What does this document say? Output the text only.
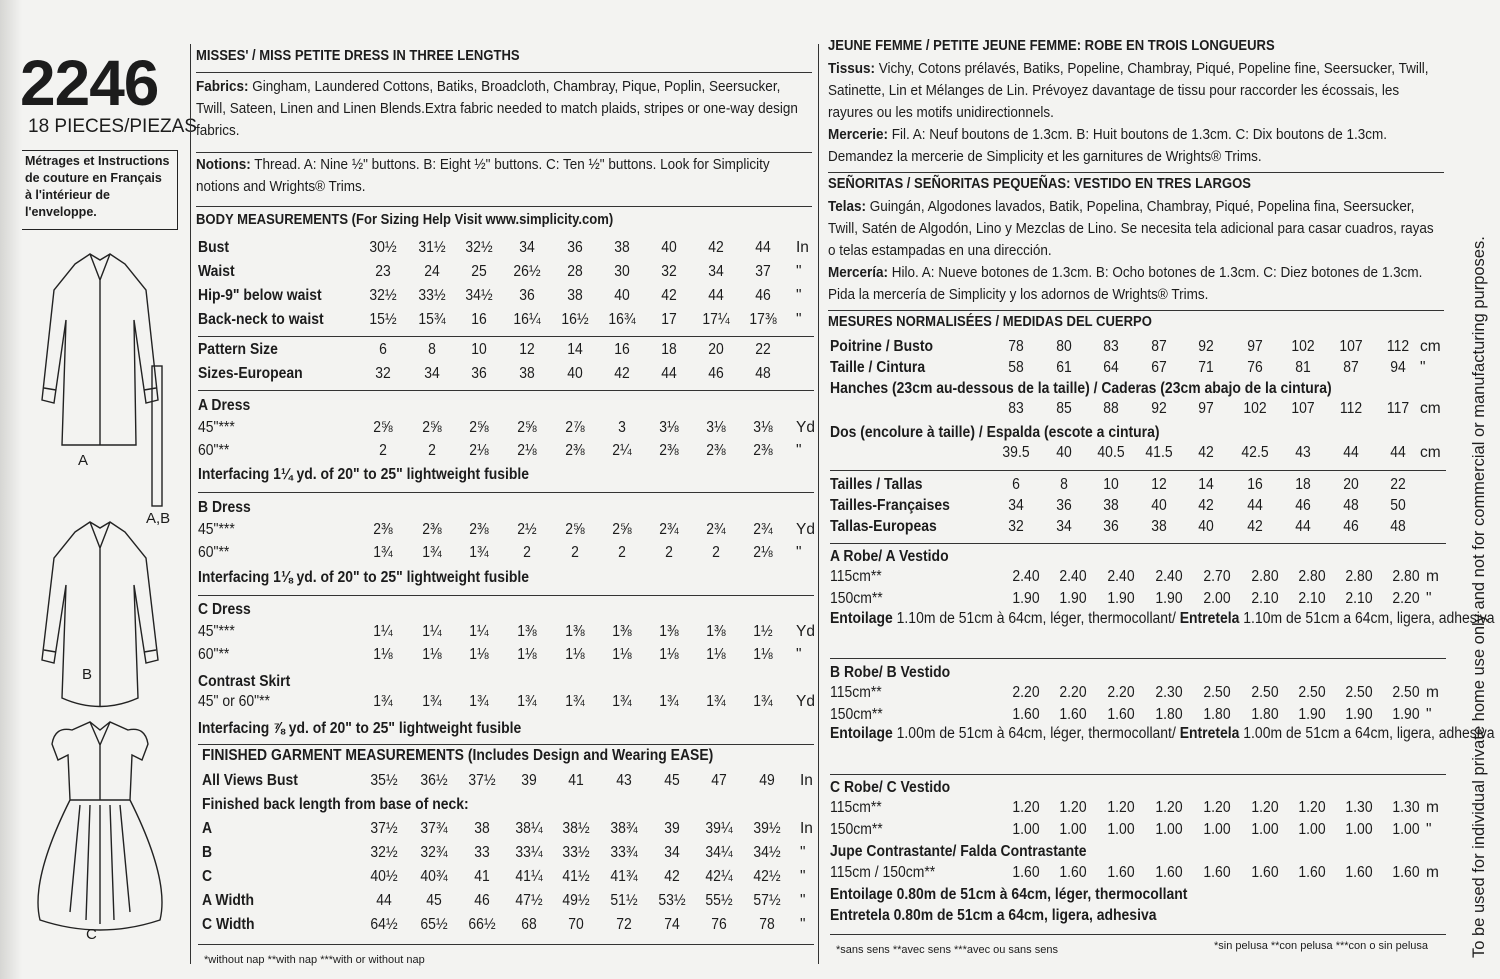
2246
18 PIECES/PIEZAS
Métrages et Instructions
de couture en Français
à l'intérieur de
l'enveloppe.
A
A,B
B
C
MISSES' / MISS PETITE DRESS IN THREE LENGTHS
Fabrics: Gingham, Laundered Cottons, Batiks, Broadcloth, Chambray, Pique, Poplin, Seersucker, Twill, Sateen, Linen and Linen Blends.Extra fabric needed to match plaids, stripes or one-way design fabrics.
Notions: Thread. A: Nine ½" buttons. B: Eight ½" buttons. C: Ten ½" buttons. Look for Simplicity notions and Wrights® Trims.
BODY MEASUREMENTS (For Sizing Help Visit www.simplicity.com)
Bust	30½ 31½ 32½ 34 36 38 40 42 44 In
Waist	23 24 25 26½ 28 30 32 34 37 "
Hip-9" below waist	32½ 33½ 34½ 36 38 40 42 44 46 "
Back-neck to waist	15½ 15¾ 16 16¼ 16½ 16¾ 17 17¼ 17⅜ "
Pattern Size	6	8 10 12 14 16 18 20 22
Sizes-European	32 34 36 38 40 42 44 46 48
A Dress
45"***	2⅝ 2⅝ 2⅝ 2⅝ 2⅞ 3 3⅛ 3⅛ 3⅛ Yd
60"**	2	2 2⅛ 2⅛ 2⅜ 2¼ 2⅜ 2⅜ 2⅜ "
Interfacing 1¼ yd. of 20" to 25" lightweight fusible
B Dress
45"***	2⅜ 2⅜ 2⅜ 2½ 2⅝ 2⅝ 2¾ 2¾ 2¾ Yd
60"**	1¾ 1¾ 1¾ 2	2	2	2	2 2⅛ "
Interfacing 1⅛ yd. of 20" to 25" lightweight fusible
C Dress
45"***	1¼ 1¼ 1¼ 1⅜ 1⅜ 1⅜ 1⅜ 1⅜ 1½ Yd
60"**	1⅛ 1⅛ 1⅛ 1⅛ 1⅛ 1⅛ 1⅛ 1⅛ 1⅛ "
Contrast Skirt
45" or 60"**	1¾ 1¾ 1¾ 1¾ 1¾ 1¾ 1¾ 1¾ 1¾ Yd
Interfacing ⅞ yd. of 20" to 25" lightweight fusible
FINISHED GARMENT MEASUREMENTS (Includes Design and Wearing EASE)
All Views Bust	35½ 36½ 37½ 39 41 43 45 47 49 In
Finished back length from base of neck:
A	37½ 37¾ 38 38¼ 38½ 38¾ 39 39¼ 39½ In
B	32½ 32¾ 33 33¼ 33½ 33¾ 34 34¼ 34½ "
C	40½ 40¾ 41 41¼ 41½ 41¾ 42 42¼ 42½ "
A Width	44 45 46 47½ 49½ 51½ 53½ 55½ 57½ "
C Width	64½ 65½ 66½ 68 70 72 74 76 78 "
JEUNE FEMME / PETITE JEUNE FEMME: ROBE EN TROIS LONGUEURS
Tissus: Vichy, Cotons prélavés, Batiks, Popeline, Chambray, Piqué, Popeline fine, Seersucker, Twill, Satinette, Lin et Mélanges de Lin. Prévoyez davantage de tissu pour raccorder les écossais, les rayures ou les motifs unidirectionnels.
Mercerie: Fil. A: Neuf boutons de 1.3cm. B: Huit boutons de 1.3cm. C: Dix boutons de 1.3cm. Demandez la mercerie de Simplicity et les garnitures de Wrights® Trims.
SEÑORITAS / SEÑORITAS PEQUEÑAS: VESTIDO EN TRES LARGOS
Telas: Guingán, Algodones lavados, Batik, Popelina, Chambray, Piqué, Popelina fina, Seersucker, Twill, Satén de Algodón, Lino y Mezclas de Lino. Se necesita tela adicional para casar cuadros, rayas o telas estampadas en una dirección.
Mercería: Hilo. A: Nueve botones de 1.3cm. B: Ocho botones de 1.3cm. C: Diez botones de 1.3cm. Pida la mercería de Simplicity y los adornos de Wrights® Trims.
MESURES NORMALISÉES / MEDIDAS DEL CUERPO
Poitrine / Busto	78 80 83 87 92 97 102 107 112 cm
Taille / Cintura	58 61 64 67 71 76 81 87 94 "
Hanches (23cm au-dessous de la taille) / Caderas (23cm abajo de la cintura)
83 85 88 92 97 102 107 112 117 cm
Dos (encolure à taille) / Espalda (escote a cintura)
39.5 40 40.5 41.5 42 42.5 43 44 44 cm
Tailles / Tallas	6	8 10 12 14 16 18 20 22
Tailles-Françaises	34 36 38 40 42 44 46 48 50
Tallas-Europeas	32 34 36 38 40 42 44 46 48
A Robe/ A Vestido
115cm**	2.40 2.40 2.40 2.40 2.70 2.80 2.80 2.80 2.80 m
150cm**	1.90 1.90 1.90 1.90 2.00 2.10 2.10 2.10 2.20 "
Entoilage 1.10m de 51cm à 64cm, léger, thermocollant/ Entretela 1.10m de 51cm a 64cm, ligera, adhesiva
B Robe/ B Vestido
115cm**	2.20 2.20 2.20 2.30 2.50 2.50 2.50 2.50 2.50 m
150cm**	1.60 1.60 1.60 1.80 1.80 1.80 1.90 1.90 1.90 "
Entoilage 1.00m de 51cm à 64cm, léger, thermocollant/ Entretela 1.00m de 51cm a 64cm, ligera, adhesiva
C Robe/ C Vestido
115cm**	1.20 1.20 1.20 1.20 1.20 1.20 1.20 1.30 1.30 m
150cm**	1.00 1.00 1.00 1.00 1.00 1.00 1.00 1.00 1.00 "
Jupe Contrastante/ Falda Contrastante
115cm / 150cm**	1.60 1.60 1.60 1.60 1.60 1.60 1.60 1.60 1.60 m
Entoilage 0.80m de 51cm à 64cm, léger, thermocollant
Entretela 0.80m de 51cm a 64cm, ligera, adhesiva
*without nap **with nap ***with or without nap
*sans sens **avec sens ***avec ou sans sens	*sin pelusa **con pelusa ***con o sin pelusa	To be used for individual private home use only and not for commercial or manufacturing purposes.
